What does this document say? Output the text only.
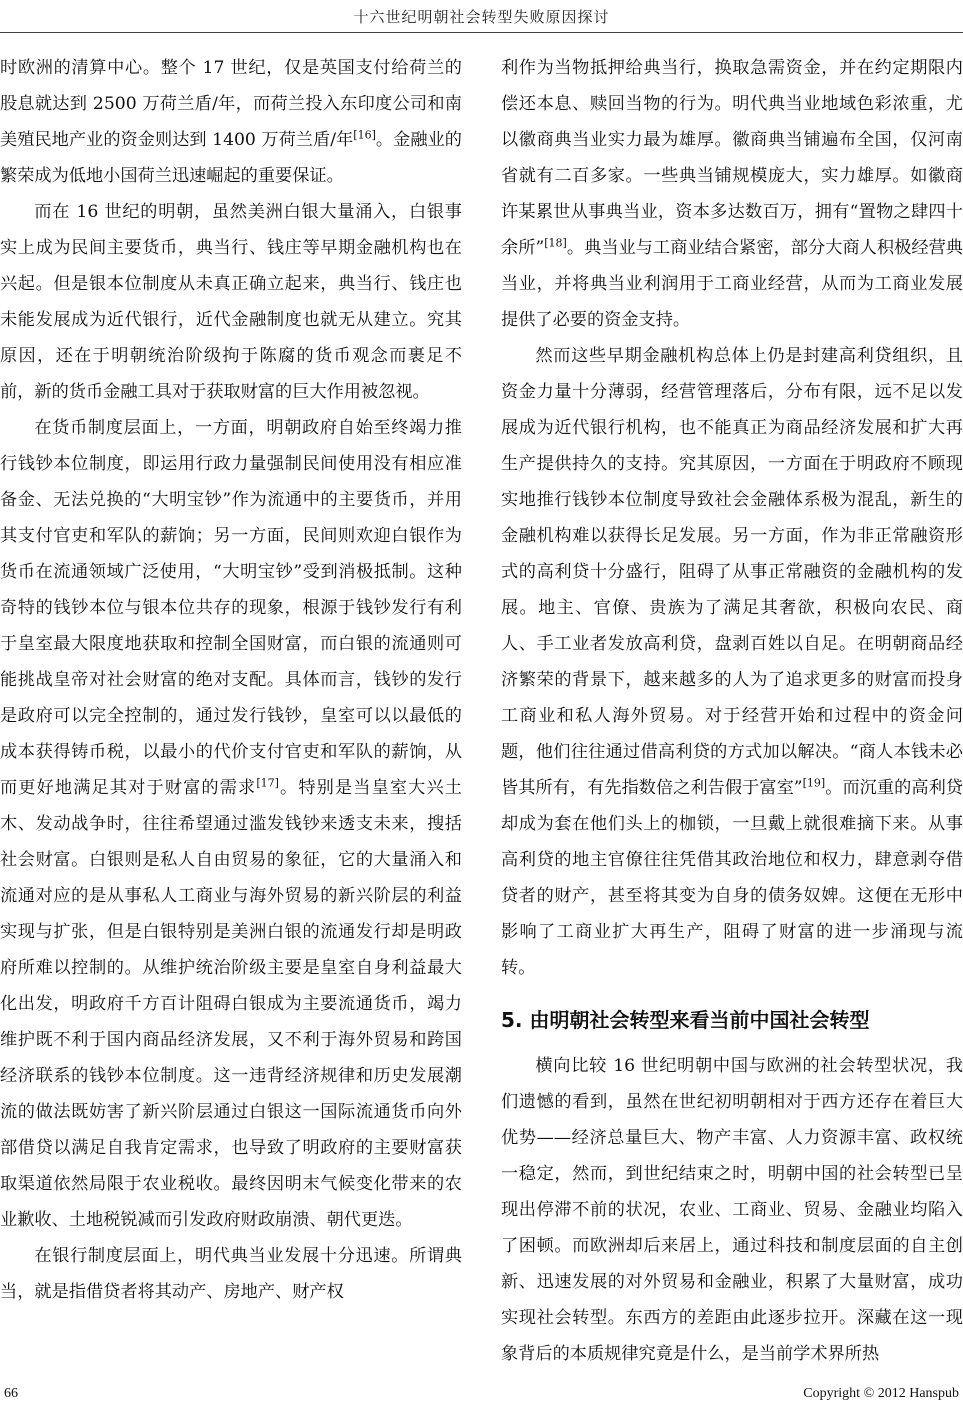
十六世纪明朝社会转型失败原因探讨

时欧洲的清算中心。整个 17 世纪，仅是英国支付给荷兰的股息就达到 2500 万荷兰盾/年，而荷兰投入东印度公司和南美殖民地产业的资金则达到 1400 万荷兰盾/年[16]。金融业的繁荣成为低地小国荷兰迅速崛起的重要保证。

而在 16 世纪的明朝，虽然美洲白银大量涌入，白银事实上成为民间主要货币，典当行、钱庄等早期金融机构也在兴起。但是银本位制度从未真正确立起来，典当行、钱庄也未能发展成为近代银行，近代金融制度也就无从建立。究其原因，还在于明朝统治阶级拘于陈腐的货币观念而裹足不前，新的货币金融工具对于获取财富的巨大作用被忽视。

在货币制度层面上，一方面，明朝政府自始至终竭力推行钱钞本位制度，即运用行政力量强制民间使用没有相应准备金、无法兑换的“大明宝钞”作为流通中的主要货币，并用其支付官吏和军队的薪饷；另一方面，民间则欢迎白银作为货币在流通领域广泛使用，“大明宝钞”受到消极抵制。这种奇特的钱钞本位与银本位共存的现象，根源于钱钞发行有利于皇室最大限度地获取和控制全国财富，而白银的流通则可能挑战皇帝对社会财富的绝对支配。具体而言，钱钞的发行是政府可以完全控制的，通过发行钱钞，皇室可以以最低的成本获得铸币税，以最小的代价支付官吏和军队的薪饷，从而更好地满足其对于财富的需求[17]。特别是当皇室大兴土木、发动战争时，往往希望通过滥发钱钞来透支未来，搜括社会财富。白银则是私人自由贸易的象征，它的大量涌入和流通对应的是从事私人工商业与海外贸易的新兴阶层的利益实现与扩张，但是白银特别是美洲白银的流通发行却是明政府所难以控制的。从维护统治阶级主要是皇室自身利益最大化出发，明政府千方百计阻碍白银成为主要流通货币，竭力维护既不利于国内商品经济发展，又不利于海外贸易和跨国经济联系的钱钞本位制度。这一违背经济规律和历史发展潮流的做法既妨害了新兴阶层通过白银这一国际流通货币向外部借贷以满足自我肯定需求，也导致了明政府的主要财富获取渠道依然局限于农业税收。最终因明末气候变化带来的农业歉收、土地税锐减而引发政府财政崩溃、朝代更迭。

在银行制度层面上，明代典当业发展十分迅速。所谓典当，就是指借贷者将其动产、房地产、财产权

利作为当物抵押给典当行，换取急需资金，并在约定期限内偿还本息、赎回当物的行为。明代典当业地域色彩浓重，尤以徽商典当业实力最为雄厚。徽商典当铺遍布全国，仅河南省就有二百多家。一些典当铺规模庞大，实力雄厚。如徽商许某累世从事典当业，资本多达数百万，拥有“置物之肆四十余所”[18]。典当业与工商业结合紧密，部分大商人积极经营典当业，并将典当业利润用于工商业经营，从而为工商业发展提供了必要的资金支持。

然而这些早期金融机构总体上仍是封建高利贷组织，且资金力量十分薄弱，经营管理落后，分布有限，远不足以发展成为近代银行机构，也不能真正为商品经济发展和扩大再生产提供持久的支持。究其原因，一方面在于明政府不顾现实地推行钱钞本位制度导致社会金融体系极为混乱，新生的金融机构难以获得长足发展。另一方面，作为非正常融资形式的高利贷十分盛行，阻碍了从事正常融资的金融机构的发展。地主、官僚、贵族为了满足其奢欲，积极向农民、商人、手工业者发放高利贷，盘剥百姓以自足。在明朝商品经济繁荣的背景下，越来越多的人为了追求更多的财富而投身工商业和私人海外贸易。对于经营开始和过程中的资金问题，他们往往通过借高利贷的方式加以解决。“商人本钱未必皆其所有，有先指数倍之利告假于富室”[19]。而沉重的高利贷却成为套在他们头上的枷锁，一旦戴上就很难摘下来。从事高利贷的地主官僚往往凭借其政治地位和权力，肆意剥夺借贷者的财产，甚至将其变为自身的债务奴婢。这便在无形中影响了工商业扩大再生产，阻碍了财富的进一步涌现与流转。

5. 由明朝社会转型来看当前中国社会转型

横向比较 16 世纪明朝中国与欧洲的社会转型状况，我们遗憾的看到，虽然在世纪初明朝相对于西方还存在着巨大优势——经济总量巨大、物产丰富、人力资源丰富、政权统一稳定，然而，到世纪结束之时，明朝中国的社会转型已呈现出停滞不前的状况，农业、工商业、贸易、金融业均陷入了困顿。而欧洲却后来居上，通过科技和制度层面的自主创新、迅速发展的对外贸易和金融业，积累了大量财富，成功实现社会转型。东西方的差距由此逐步拉开。深藏在这一现象背后的本质规律究竟是什么，是当前学术界所热

66	Copyright © 2012 Hanspub
